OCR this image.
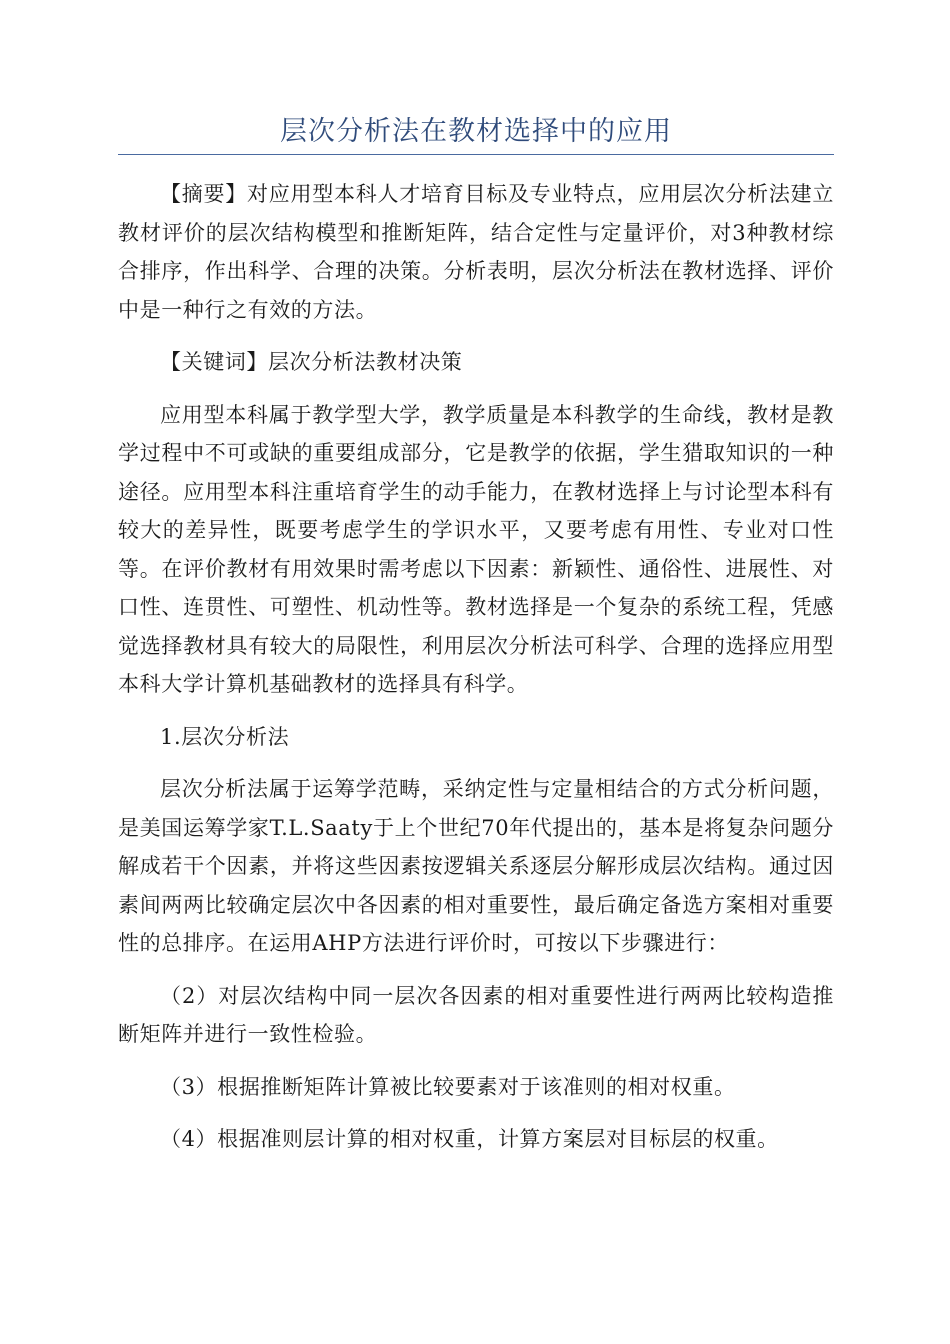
层次分析法在教材选择中的应用

【摘要】对应用型本科人才培育目标及专业特点，应用层次分析法建立教材评价的层次结构模型和推断矩阵，结合定性与定量评价，对3种教材综合排序，作出科学、合理的决策。分析表明，层次分析法在教材选择、评价中是一种行之有效的方法。

【关键词】层次分析法教材决策

应用型本科属于教学型大学，教学质量是本科教学的生命线，教材是教学过程中不可或缺的重要组成部分，它是教学的依据，学生猎取知识的一种途径。应用型本科注重培育学生的动手能力，在教材选择上与讨论型本科有较大的差异性，既要考虑学生的学识水平，又要考虑有用性、专业对口性等。在评价教材有用效果时需考虑以下因素：新颖性、通俗性、进展性、对口性、连贯性、可塑性、机动性等。教材选择是一个复杂的系统工程，凭感觉选择教材具有较大的局限性，利用层次分析法可科学、合理的选择应用型本科大学计算机基础教材的选择具有科学。

1.层次分析法

层次分析法属于运筹学范畴，采纳定性与定量相结合的方式分析问题，是美国运筹学家T.L.Saaty于上个世纪70年代提出的，基本是将复杂问题分解成若干个因素，并将这些因素按逻辑关系逐层分解形成层次结构。通过因素间两两比较确定层次中各因素的相对重要性，最后确定备选方案相对重要性的总排序。在运用AHP方法进行评价时，可按以下步骤进行：

（2）对层次结构中同一层次各因素的相对重要性进行两两比较构造推断矩阵并进行一致性检验。

（3）根据推断矩阵计算被比较要素对于该准则的相对权重。

（4）根据准则层计算的相对权重，计算方案层对目标层的权重。
